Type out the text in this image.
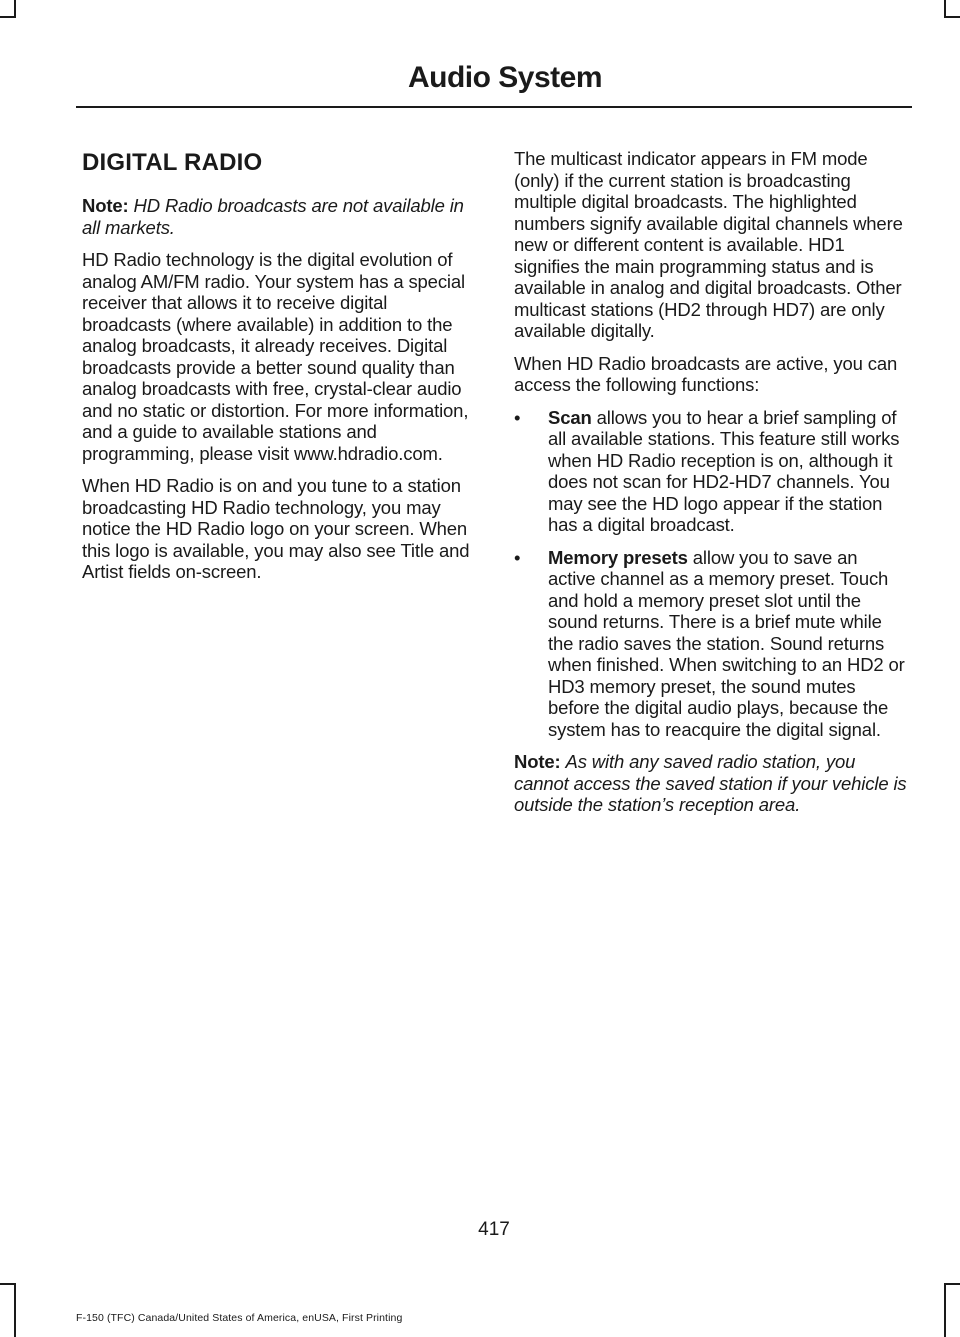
Audio System
DIGITAL RADIO

Note: HD Radio broadcasts are not available in all markets.

HD Radio technology is the digital evolution of analog AM/FM radio. Your system has a special receiver that allows it to receive digital broadcasts (where available) in addition to the analog broadcasts, it already receives. Digital broadcasts provide a better sound quality than analog broadcasts with free, crystal-clear audio and no static or distortion. For more information, and a guide to available stations and programming, please visit www.hdradio.com.

When HD Radio is on and you tune to a station broadcasting HD Radio technology, you may notice the HD Radio logo on your screen. When this logo is available, you may also see Title and Artist fields on-screen.

The multicast indicator appears in FM mode (only) if the current station is broadcasting multiple digital broadcasts. The highlighted numbers signify available digital channels where new or different content is available. HD1 signifies the main programming status and is available in analog and digital broadcasts. Other multicast stations (HD2 through HD7) are only available digitally.

When HD Radio broadcasts are active, you can access the following functions:

• Scan allows you to hear a brief sampling of all available stations. This feature still works when HD Radio reception is on, although it does not scan for HD2-HD7 channels. You may see the HD logo appear if the station has a digital broadcast.
• Memory presets allow you to save an active channel as a memory preset. Touch and hold a memory preset slot until the sound returns. There is a brief mute while the radio saves the station. Sound returns when finished. When switching to an HD2 or HD3 memory preset, the sound mutes before the digital audio plays, because the system has to reacquire the digital signal.

Note: As with any saved radio station, you cannot access the saved station if your vehicle is outside the station’s reception area.

417
F-150 (TFC) Canada/United States of America, enUSA, First Printing
